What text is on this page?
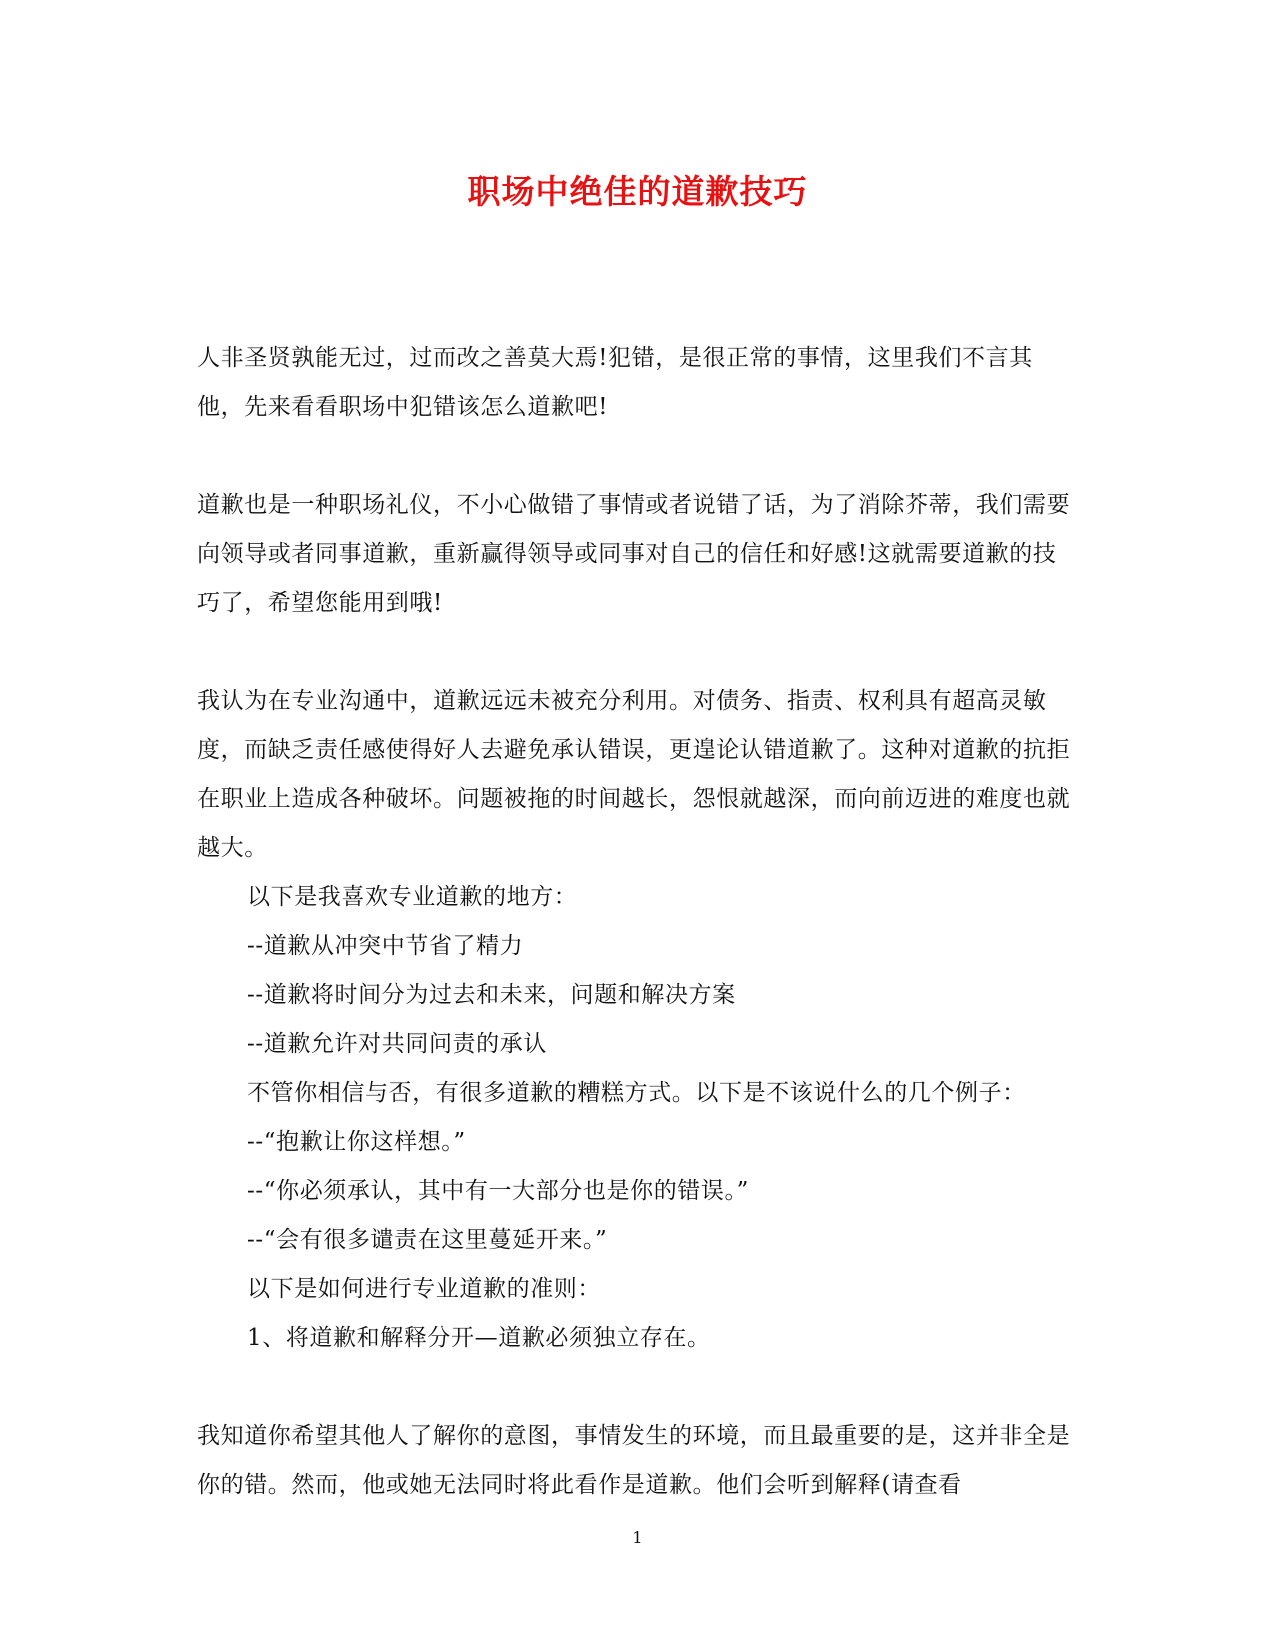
职场中绝佳的道歉技巧

人非圣贤孰能无过，过而改之善莫大焉!犯错，是很正常的事情，这里我们不言其他，先来看看职场中犯错该怎么道歉吧!

道歉也是一种职场礼仪，不小心做错了事情或者说错了话，为了消除芥蒂，我们需要向领导或者同事道歉，重新赢得领导或同事对自己的信任和好感!这就需要道歉的技巧了，希望您能用到哦!

我认为在专业沟通中，道歉远远未被充分利用。对债务、指责、权利具有超高灵敏度，而缺乏责任感使得好人去避免承认错误，更遑论认错道歉了。这种对道歉的抗拒在职业上造成各种破坏。问题被拖的时间越长，怨恨就越深，而向前迈进的难度也就越大。

以下是我喜欢专业道歉的地方：
--道歉从冲突中节省了精力
--道歉将时间分为过去和未来，问题和解决方案
--道歉允许对共同问责的承认
不管你相信与否，有很多道歉的糟糕方式。以下是不该说什么的几个例子：
--“抱歉让你这样想。”
--“你必须承认，其中有一大部分也是你的错误。”
--“会有很多谴责在这里蔓延开来。”
以下是如何进行专业道歉的准则：
1、将道歉和解释分开—道歉必须独立存在。

我知道你希望其他人了解你的意图，事情发生的环境，而且最重要的是，这并非全是你的错。然而，他或她无法同时将此看作是道歉。他们会听到解释(请查看

1
